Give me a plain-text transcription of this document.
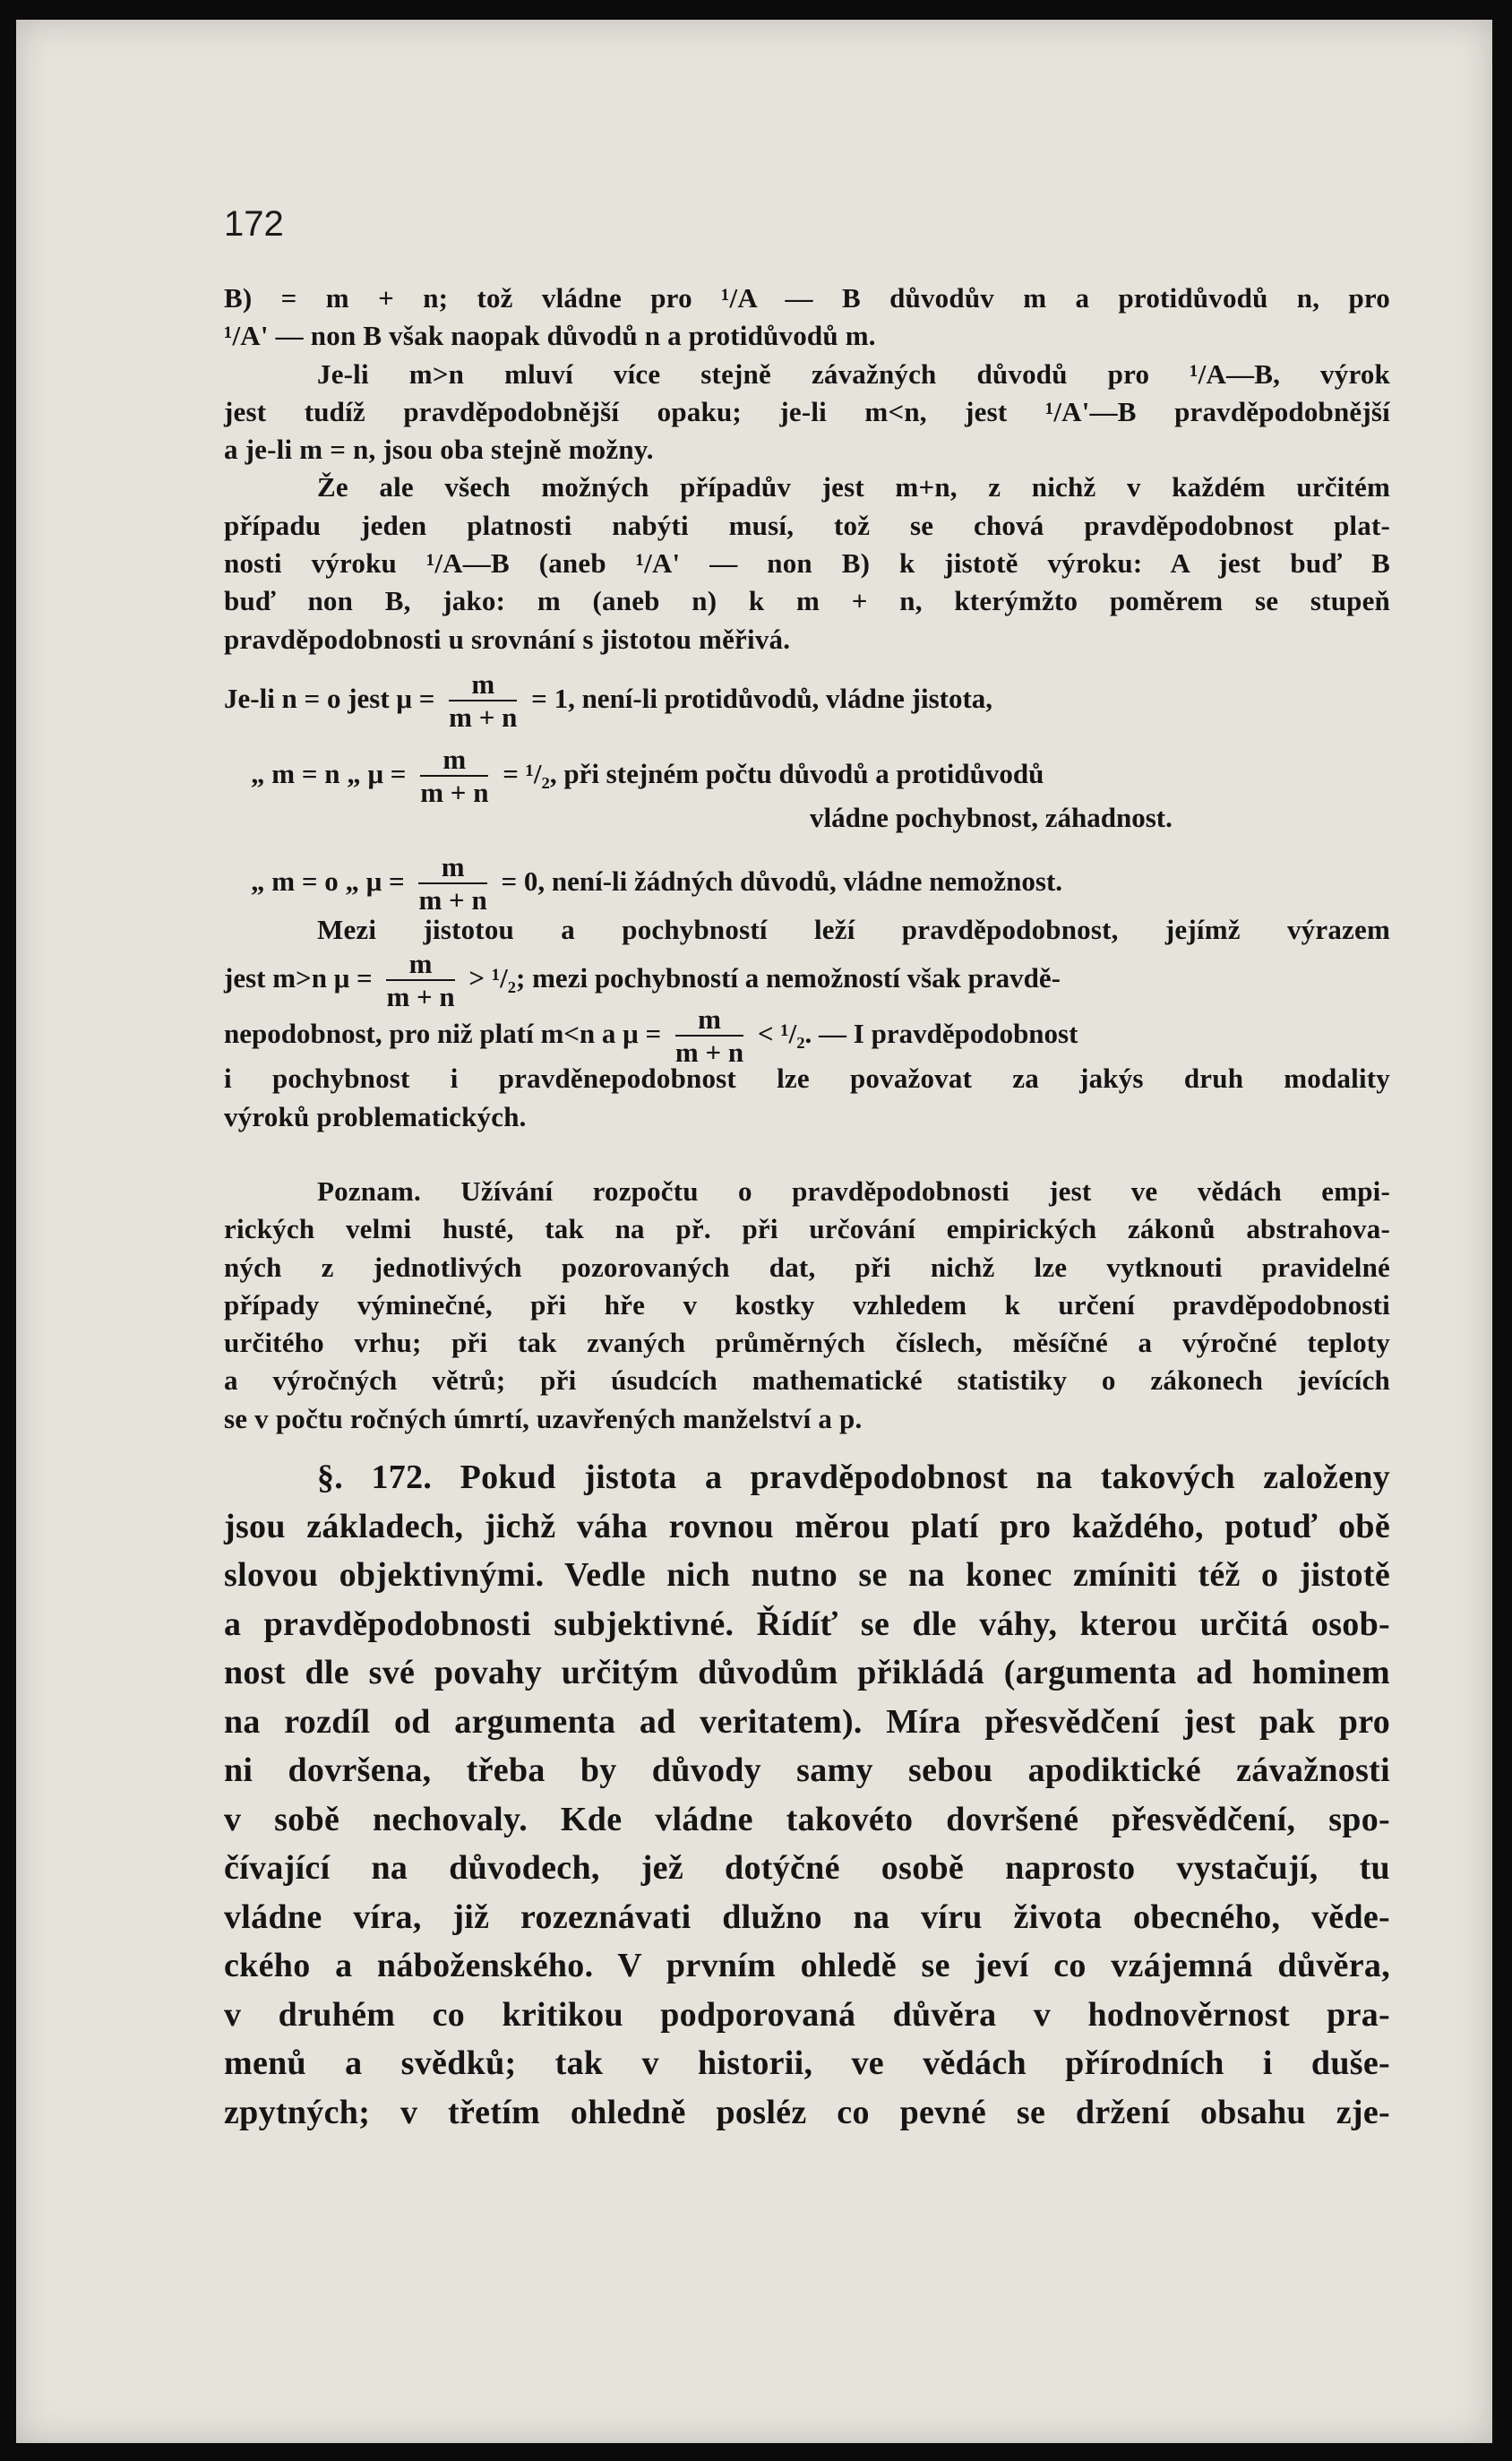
172

B) = m + n; tož vládne pro ¹/A — B důvodův m a protidůvodů n, pro

¹/A' — non B však naopak důvodů n a protidůvodů m.

Je-li m>n mluví více stejně závažných důvodů pro ¹/A—B, výrok

jest tudíž pravděpodobnější opaku; je-li m<n, jest ¹/A'—B pravděpodobnější

a je-li m = n, jsou oba stejně možny.

Že ale všech možných případův jest m+n, z nichž v každém určitém

případu jeden platnosti nabýti musí, tož se chová pravděpodobnost plat-

nosti výroku ¹/A—B (aneb ¹/A' — non B) k jistotě výroku: A jest buď B

buď non B, jako: m (aneb n) k m + n, kterýmžto poměrem se stupeň

pravděpodobnosti u srovnání s jistotou měřivá.

Je-li n = o jest $\mu = \frac{m}{m + n} = 1$, není-li protidůvodů, vládne jistota,
„ m = n „ $\mu = \frac{m}{m + n} = ^1/_2$, při stejném počtu důvodů a protidůvodů
vládne pochybnost, záhadnost.
„ m = o „ $\mu = \frac{m}{m + n} = 0$, není-li žádných důvodů, vládne nemožnost.

Mezi jistotou a pochybností leží pravděpodobnost, jejímž výrazem

jest m>n $\mu = \frac{m}{m + n} > ^1/_2$; mezi pochybností a nemožností však pravdě-
nepodobnost, pro niž platí m<n a $\mu = \frac{m}{m + n} < ^1/_2$. — I pravděpodobnost

i pochybnost i pravděnepodobnost lze považovat za jakýs druh modality

výroků problematických.

Poznam. Užívání rozpočtu o pravděpodobnosti jest ve vědách empi-

rických velmi husté, tak na př. při určování empirických zákonů abstrahova-

ných z jednotlivých pozorovaných dat, při nichž lze vytknouti pravidelné

případy výminečné, při hře v kostky vzhledem k určení pravděpodobnosti

určitého vrhu; při tak zvaných průměrných číslech, měsíčné a výročné teploty

a výročných větrů; při úsudcích mathematické statistiky o zákonech jevících

se v počtu ročných úmrtí, uzavřených manželství a p.

§. 172. Pokud jistota a pravděpodobnost na takových založeny

jsou základech, jichž váha rovnou měrou platí pro každého, potuď obě

slovou objektivnými. Vedle nich nutno se na konec zmíniti též o jistotě

a pravděpodobnosti subjektivné. Řídíť se dle váhy, kterou určitá osob-

nost dle své povahy určitým důvodům přikládá (argumenta ad hominem

na rozdíl od argumenta ad veritatem). Míra přesvědčení jest pak pro

ni dovršena, třeba by důvody samy sebou apodiktické závažnosti

v sobě nechovaly. Kde vládne takovéto dovršené přesvědčení, spo-

čívající na důvodech, jež dotýčné osobě naprosto vystačují, tu

vládne víra, již rozeznávati dlužno na víru života obecného, věde-

ckého a náboženského. V prvním ohledě se jeví co vzájemná důvěra,

v druhém co kritikou podporovaná důvěra v hodnověrnost pra-

menů a svědků; tak v historii, ve vědách přírodních i duše-

zpytných; v třetím ohledně posléz co pevné se držení obsahu zje-
